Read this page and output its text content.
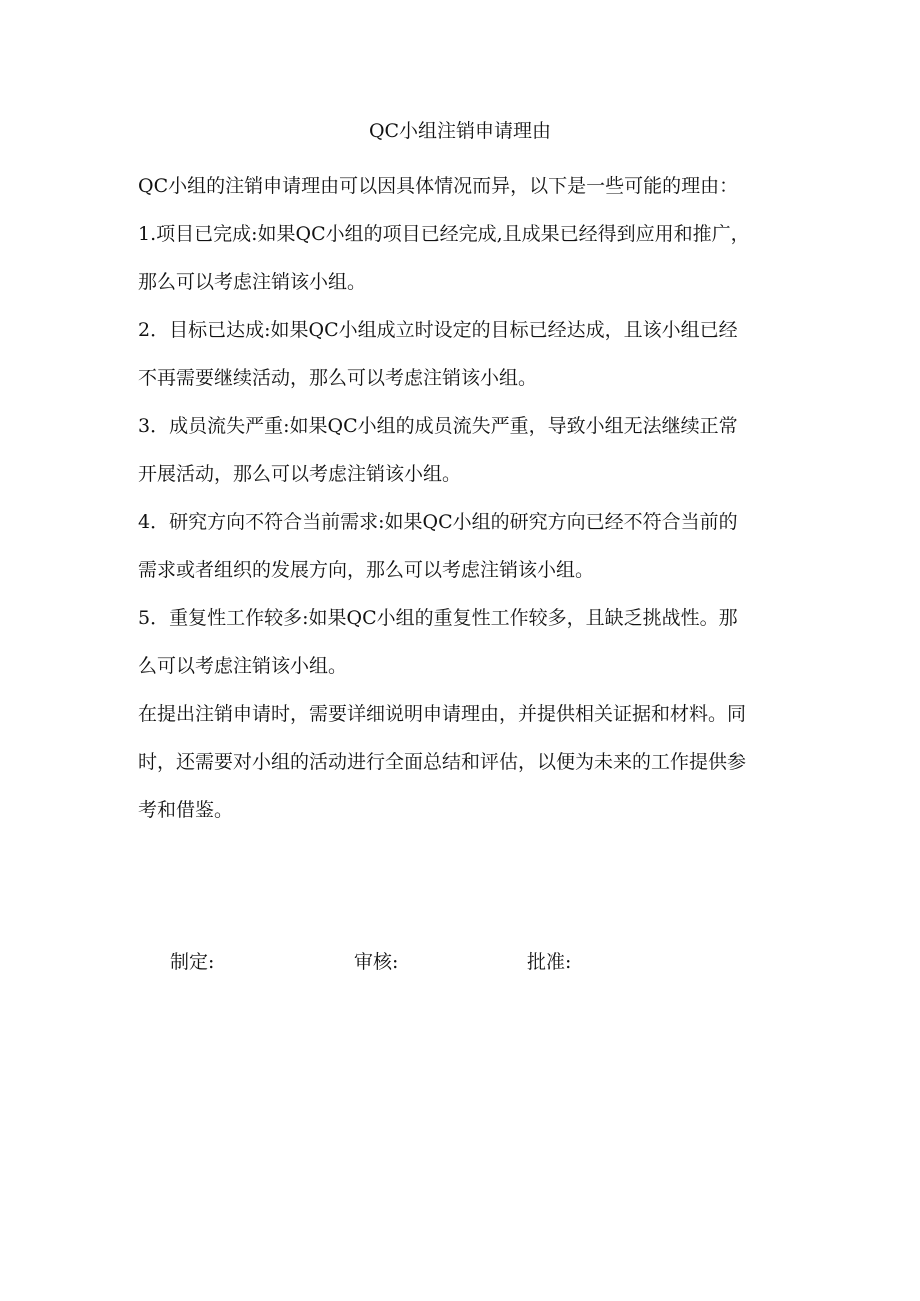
QC小组注销申请理由
QC小组的注销申请理由可以因具体情况而异，以下是一些可能的理由：
1.项目已完成:如果QC小组的项目已经完成,且成果已经得到应用和推广，
那么可以考虑注销该小组。
2．目标已达成:如果QC小组成立时设定的目标已经达成，且该小组已经
不再需要继续活动，那么可以考虑注销该小组。
3．成员流失严重:如果QC小组的成员流失严重，导致小组无法继续正常
开展活动，那么可以考虑注销该小组。
4．研究方向不符合当前需求:如果QC小组的研究方向已经不符合当前的
需求或者组织的发展方向，那么可以考虑注销该小组。
5．重复性工作较多:如果QC小组的重复性工作较多，且缺乏挑战性。那
么可以考虑注销该小组。
在提出注销申请时，需要详细说明申请理由，并提供相关证据和材料。同
时，还需要对小组的活动进行全面总结和评估，以便为未来的工作提供参
考和借鉴。
制定:	审核:	批准:
